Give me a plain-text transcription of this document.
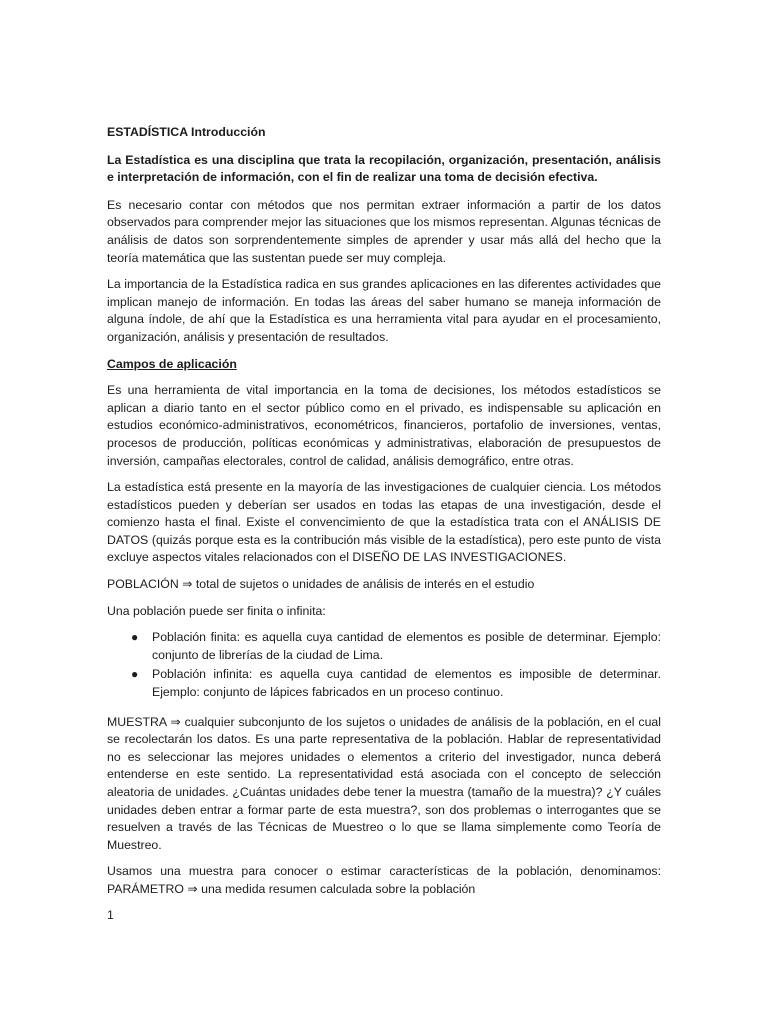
ESTADÍSTICA Introducción

La Estadística es una disciplina que trata la recopilación, organización, presentación, análisis e interpretación de información, con el fin de realizar una toma de decisión efectiva.

Es necesario contar con métodos que nos permitan extraer información a partir de los datos observados para comprender mejor las situaciones que los mismos representan. Algunas técnicas de análisis de datos son sorprendentemente simples de aprender y usar más allá del hecho que la teoría matemática que las sustentan puede ser muy compleja.

La importancia de la Estadística radica en sus grandes aplicaciones en las diferentes actividades que implican manejo de información. En todas las áreas del saber humano se maneja información de alguna índole, de ahí que la Estadística es una herramienta vital para ayudar en el procesamiento, organización, análisis y presentación de resultados.

Campos de aplicación

Es una herramienta de vital importancia en la toma de decisiones, los métodos estadísticos se aplican a diario tanto en el sector público como en el privado, es indispensable su aplicación en estudios económico-administrativos, econométricos, financieros, portafolio de inversiones, ventas, procesos de producción, políticas económicas y administrativas, elaboración de presupuestos de inversión, campañas electorales, control de calidad, análisis demográfico, entre otras.

La estadística está presente en la mayoría de las investigaciones de cualquier ciencia. Los métodos estadísticos pueden y deberían ser usados en todas las etapas de una investigación, desde el comienzo hasta el final. Existe el convencimiento de que la estadística trata con el ANÁLISIS DE DATOS (quizás porque esta es la contribución más visible de la estadística), pero este punto de vista excluye aspectos vitales relacionados con el DISEÑO DE LAS INVESTIGACIONES.

POBLACIÓN ⇒ total de sujetos o unidades de análisis de interés en el estudio

Una población puede ser finita o infinita:

● Población finita: es aquella cuya cantidad de elementos es posible de determinar. Ejemplo: conjunto de librerías de la ciudad de Lima.
● Población infinita: es aquella cuya cantidad de elementos es imposible de determinar. Ejemplo: conjunto de lápices fabricados en un proceso continuo.

MUESTRA ⇒ cualquier subconjunto de los sujetos o unidades de análisis de la población, en el cual se recolectarán los datos. Es una parte representativa de la población. Hablar de representatividad no es seleccionar las mejores unidades o elementos a criterio del investigador, nunca deberá entenderse en este sentido. La representatividad está asociada con el concepto de selección aleatoria de unidades. ¿Cuántas unidades debe tener la muestra (tamaño de la muestra)? ¿Y cuáles unidades deben entrar a formar parte de esta muestra?, son dos problemas o interrogantes que se resuelven a través de las Técnicas de Muestreo o lo que se llama simplemente como Teoría de Muestreo.

Usamos una muestra para conocer o estimar características de la población, denominamos:
PARÁMETRO ⇒ una medida resumen calculada sobre la población

1
